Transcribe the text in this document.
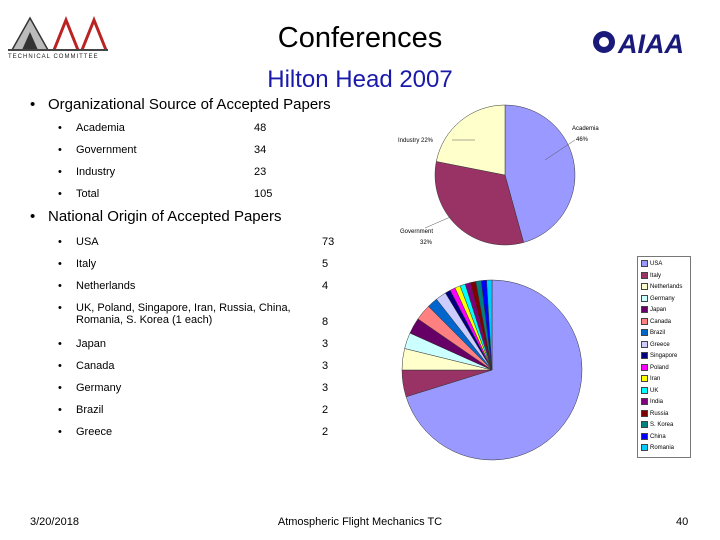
TECHNICAL COMMITTEE
Conferences
Hilton Head 2007
AIAA
• Organizational Source of Accepted Papers
• Academia	48
• Government	34
• Industry	23
• Total	105
• National Origin of Accepted Papers
• USA	73
• Italy	5
• Netherlands	4
• UK, Poland, Singapore, Iran, Russia, China,
Romania, S. Korea (1 each)	8
• Japan	3
• Canada	3
• Germany	3
• Brazil	2
• Greece	2
Academia
46%
Government
32%
Industry 22%
USA
Italy
Netherlands
Germany
Japan
Canada
Brazil
Greece
Singapore
Poland
Iran
UK
India
Russia
S. Korea
China
Romania
3/20/2018	Atmospheric Flight Mechanics TC	40
